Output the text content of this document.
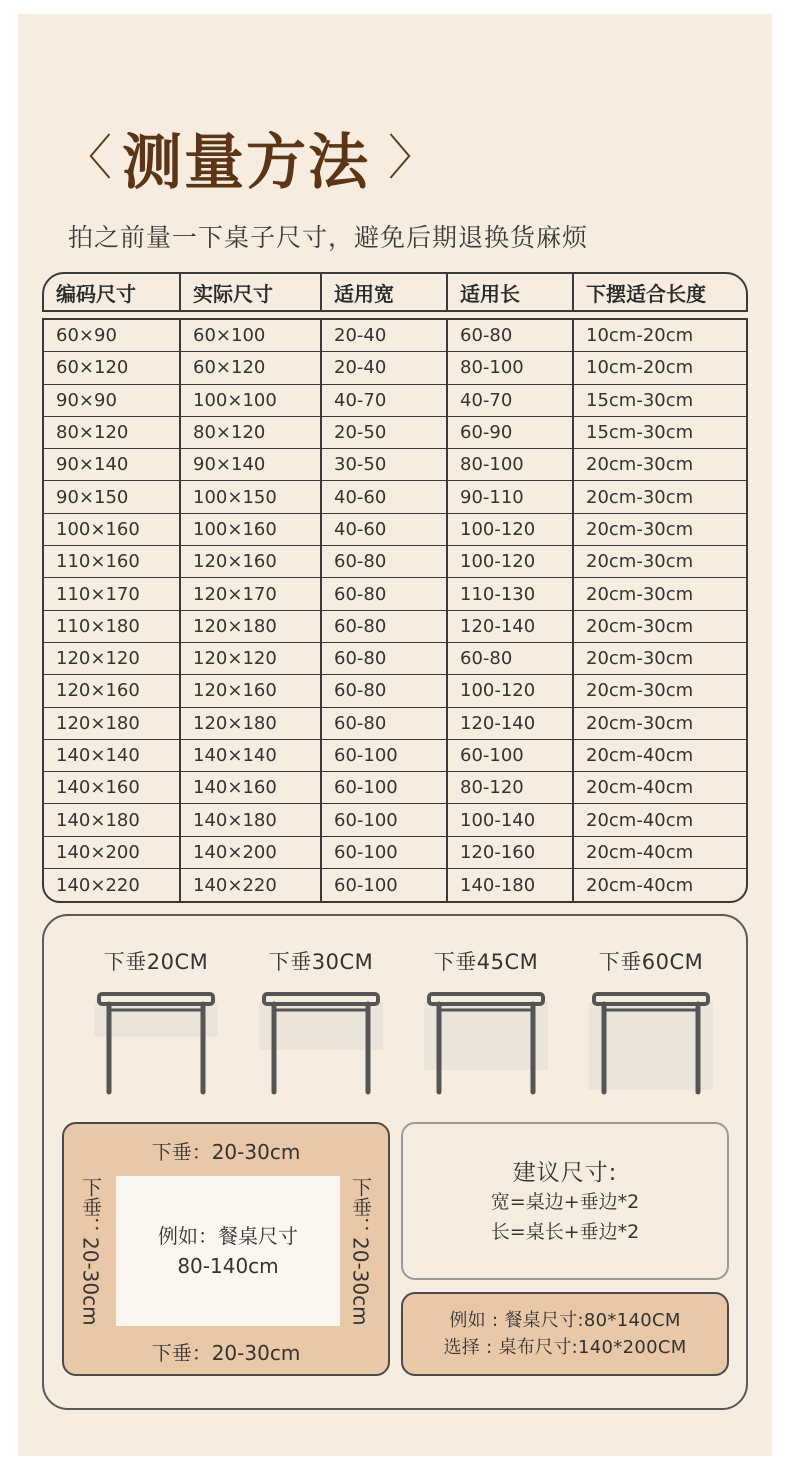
〈 测量方法 〉
拍之前量一下桌子尺寸，避免后期退换货麻烦
编码尺寸	实际尺寸	适用宽	适用长	下摆适合长度
60×90	60×100	20-40	60-80	10cm-20cm
60×120	60×120	20-40	80-100	10cm-20cm
90×90	100×100	40-70	40-70	15cm-30cm
80×120	80×120	20-50	60-90	15cm-30cm
90×140	90×140	30-50	80-100	20cm-30cm
90×150	100×150	40-60	90-110	20cm-30cm
100×160	100×160	40-60	100-120	20cm-30cm
110×160	120×160	60-80	100-120	20cm-30cm
110×170	120×170	60-80	110-130	20cm-30cm
110×180	120×180	60-80	120-140	20cm-30cm
120×120	120×120	60-80	60-80	20cm-30cm
120×160	120×160	60-80	100-120	20cm-30cm
120×180	120×180	60-80	120-140	20cm-30cm
140×140	140×140	60-100	60-100	20cm-40cm
140×160	140×160	60-100	80-120	20cm-40cm
140×180	140×180	60-100	100-140	20cm-40cm
140×200	140×200	60-100	120-160	20cm-40cm
140×220	140×220	60-100	140-180	20cm-40cm
下垂20CM	下垂30CM	下垂45CM	下垂60CM
下垂：20-30cm
下垂：20-30cm	下垂：20-30cm
例如：餐桌尺寸
80-140cm
下垂：20-30cm
建议尺寸:
宽=桌边+垂边*2
长=桌长+垂边*2
例如 : 餐桌尺寸:80*140CM
选择 : 桌布尺寸:140*200CM
